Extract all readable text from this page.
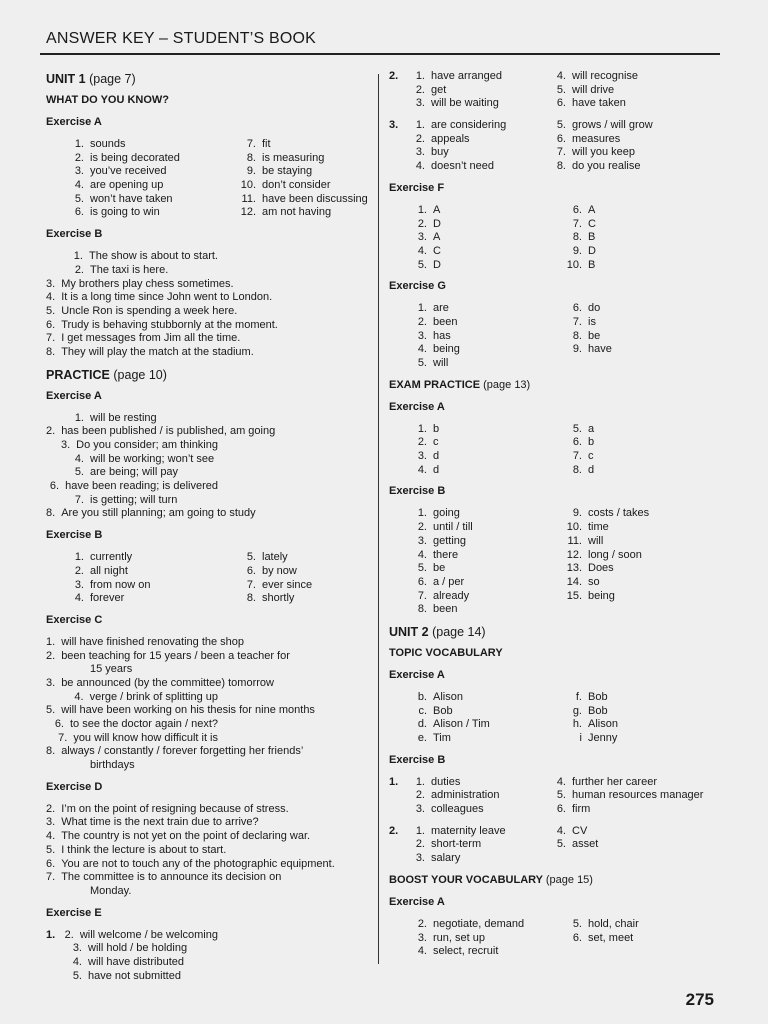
ANSWER KEY – STUDENT’S BOOK
UNIT 1 (page 7)
WHAT DO YOU KNOW?
Exercise A
1. sounds	7. fit
2. is being decorated	8. is measuring
3. you’ve received	9. be staying
4. are opening up	10. don’t consider
5. won’t have taken	11. have been discussing
6. is going to win	12. am not having
Exercise B
1. The show is about to start.
2. The taxi is here.
3. My brothers play chess sometimes.
4. It is a long time since John went to London.
5. Uncle Ron is spending a week here.
6. Trudy is behaving stubbornly at the moment.
7. I get messages from Jim all the time.
8. They will play the match at the stadium.
PRACTICE (page 10)
Exercise A
1. will be resting
2. has been published / is published, am going
3. Do you consider; am thinking
4. will be working; won’t see
5. are being; will pay
6. have been reading; is delivered
7. is getting; will turn
8. Are you still planning; am going to study
Exercise B
1. currently	5. lately
2. all night	6. by now
3. from now on	7. ever since
4. forever	8. shortly
Exercise C
1. will have finished renovating the shop
2. been teaching for 15 years / been a teacher for
15 years
3. be announced (by the committee) tomorrow
4. verge / brink of splitting up
5. will have been working on his thesis for nine months
6. to see the doctor again / next?
7. you will know how difficult it is
8. always / constantly / forever forgetting her friends’
birthdays
Exercise D
2. I’m on the point of resigning because of stress.
3. What time is the next train due to arrive?
4. The country is not yet on the point of declaring war.
5. I think the lecture is about to start.
6. You are not to touch any of the photographic equipment.
7. The committee is to announce its decision on
Monday.
Exercise E
1. 2. will welcome / be welcoming
3. will hold / be holding
4. will have distributed
5. have not submitted
2.	1. have arranged	4. will recognise
2. get	5. will drive
3. will be waiting	6. have taken
3.	1. are considering	5. grows / will grow
2. appeals	6. measures
3. buy	7. will you keep
4. doesn’t need	8. do you realise
Exercise F
1. A	6. A
2. D	7. C
3. A	8. B
4. C	9. D
5. D	10. B
Exercise G
1. are	6. do
2. been	7. is
3. has	8. be
4. being	9. have
5. will
EXAM PRACTICE (page 13)
Exercise A
1. b	5. a
2. c	6. b
3. d	7. c
4. d	8. d
Exercise B
1. going	9. costs / takes
2. until / till	10. time
3. getting	11. will
4. there	12. long / soon
5. be	13. Does
6. a / per	14. so
7. already	15. being
8. been
UNIT 2 (page 14)
TOPIC VOCABULARY
Exercise A
b. Alison	f. Bob
c. Bob	g. Bob
d. Alison / Tim	h. Alison
e. Tim	i Jenny
Exercise B
1.	1. duties	4. further her career
2. administration	5. human resources manager
3. colleagues	6. firm
2.	1. maternity leave	4. CV
2. short-term	5. asset
3. salary
BOOST YOUR VOCABULARY (page 15)
Exercise A
2. negotiate, demand	5. hold, chair
3. run, set up	6. set, meet
4. select, recruit
275
